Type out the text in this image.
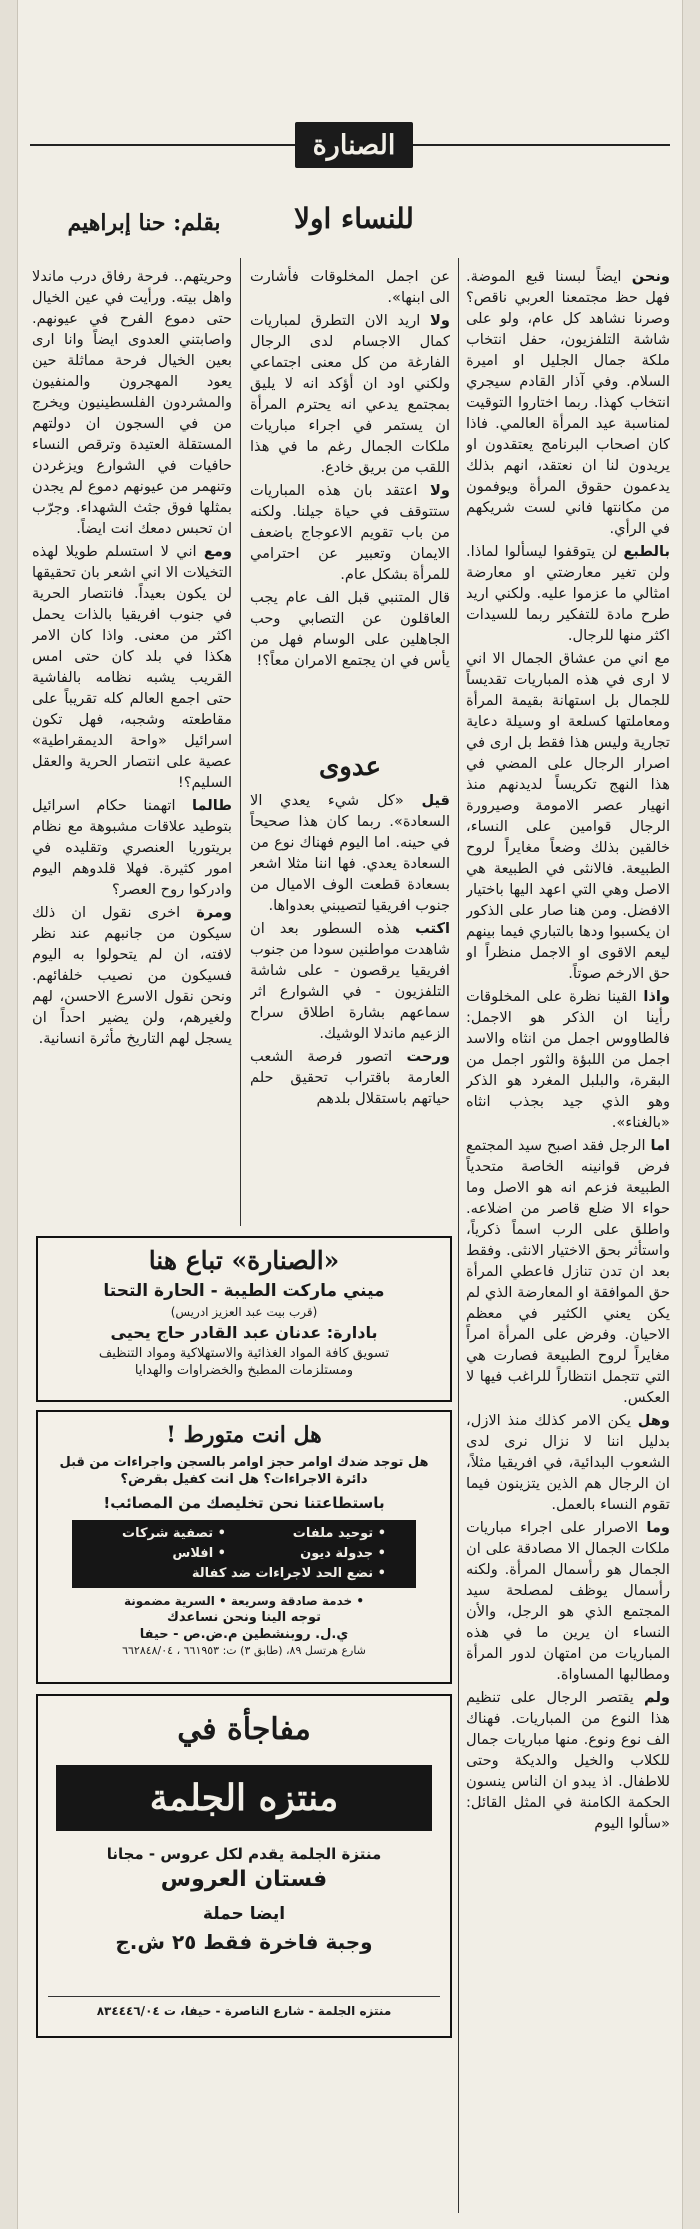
الصنارة
للنساء اولا
بقلم: حنا إبراهيم

ونحن ايضاً لبسنا قبع الموضة. فهل حظ مجتمعنا العربي ناقص؟ وصرنا نشاهد كل عام، ولو على شاشة التلفزيون، حفل انتخاب ملكة جمال الجليل او اميرة السلام. وفي آذار القادم سيجري انتخاب كهذا. ربما اختاروا التوقيت لمناسبة عيد المرأة العالمي. فاذا كان اصحاب البرنامج يعتقدون او يريدون لنا ان نعتقد، انهم بذلك يدعمون حقوق المرأة ويوفمون من مكانتها فاني لست شريكهم في الرأي.

بالطبع لن يتوقفوا ليسألوا لماذا. ولن تغير معارضتي او معارضة امثالي ما عزموا عليه. ولكني اريد طرح مادة للتفكير ربما للسيدات اكثر منها للرجال.

مع اني من عشاق الجمال الا اني لا ارى في هذه المباريات تقديساً للجمال بل استهانة بقيمة المرأة ومعاملتها كسلعة او وسيلة دعاية تجارية وليس هذا فقط بل ارى في اصرار الرجال على المضي في هذا النهج تكريساً لديدنهم منذ انهيار عصر الامومة وصيرورة الرجال قوامين على النساء، خالقين بذلك وضعاً مغايراً لروح الطبيعة. فالانثى في الطبيعة هي الاصل وهي التي اعهد اليها باختيار الافضل. ومن هنا صار على الذكور ان يكسبوا ودها بالتباري فيما بينهم ليعم الاقوى او الاجمل منظراً او حق الارخم صوتاً.

واذا القينا نظرة على المخلوقات رأينا ان الذكر هو الاجمل: فالطاووس اجمل من انثاه والاسد اجمل من اللبؤة والثور اجمل من البقرة، والبلبل المغرد هو الذكر وهو الذي جيد بجذب انثاه «بالغناء».

اما الرجل فقد اصبح سيد المجتمع فرض قوانينه الخاصة متحدياً الطبيعة فزعم انه هو الاصل وما حواء الا ضلع قاصر من اضلاعه. واطلق على الرب اسماً ذكرياً، واستأثر بحق الاختيار الانثى. وفقط بعد ان تدن تنازل فاعطي المرأة حق الموافقة او المعارضة الذي لم يكن يعني الكثير في معظم الاحيان. وفرض على المرأة امراً مغايراً لروح الطبيعة فصارت هي التي تتجمل انتظاراً للراغب فيها لا العكس.

وهل يكن الامر كذلك منذ الازل، بدليل اننا لا نزال نرى لدى الشعوب البدائية، في افريقيا مثلاً، ان الرجال هم الذين يتزينون فيما تقوم النساء بالعمل.

وما الاصرار على اجراء مباريات ملكات الجمال الا مصادقة على ان الجمال هو رأسمال المرأة. ولكنه رأسمال يوظف لمصلحة سيد المجتمع الذي هو الرجل، والأن النساء ان يرين ما في هذه المباريات من امتهان لدور المرأة ومطالبها المساواة.

ولم يقتصر الرجال على تنظيم هذا النوع من المباريات. فهناك الف نوع ونوع. منها مباريات جمال للكلاب والخيل والديكة وحتى للاطفال. اذ يبدو ان الناس ينسون الحكمة الكامنة في المثل القائل: «سألوا اليوم

عن اجمل المخلوقات فأشارت الى ابنها».

ولا اريد الان التطرق لمباريات كمال الاجسام لدى الرجال الفارغة من كل معنى اجتماعي ولكني اود ان أؤكد انه لا يليق بمجتمع يدعي انه يحترم المرأة ان يستمر في اجراء مباريات ملكات الجمال رغم ما في هذا اللقب من بريق خادع.

ولا اعتقد بان هذه المباريات ستتوقف في حياة جيلنا. ولكنه من باب تقويم الاعوجاج باضعف الايمان وتعبير عن احترامي للمرأة بشكل عام.

قال المتنبي قبل الف عام يجب العاقلون عن التصابي وحب الجاهلين على الوسام فهل من يأس في ان يجتمع الامران معاً؟!

عدوى

قيل «كل شيء يعدي الا السعادة». ربما كان هذا صحيحاً في حينه. اما اليوم فهناك نوع من السعادة يعدي. فها اننا مثلا اشعر بسعادة قطعت الوف الاميال من جنوب افريقيا لتصيبني بعدواها.

اكتب هذه السطور بعد ان شاهدت مواطنين سودا من جنوب افريقيا يرقصون - على شاشة التلفزيون - في الشوارع اثر سماعهم بشارة اطلاق سراح الزعيم ماندلا الوشيك.

ورحت اتصور فرصة الشعب العارمة باقتراب تحقيق حلم حياتهم باستقلال بلدهم

وحريتهم.. فرحة رفاق درب ماندلا واهل بيته. ورأيت في عين الخيال حتى دموع الفرح في عيونهم. واصابتني العدوى ايضاً وانا ارى بعين الخيال فرحة مماثلة حين يعود المهجرون والمنفيون والمشردون الفلسطينيون ويخرج من في السجون ان دولتهم المستقلة العتيدة وترقص النساء حافيات في الشوارع ويزغردن وتنهمر من عيونهم دموع لم يجدن بمثلها فوق جثث الشهداء. وجرّب ان تحبس دمعك انت ايضاً.

ومع اني لا استسلم طويلا لهذه التخيلات الا اني اشعر بان تحقيقها لن يكون بعيداً. فانتصار الحرية في جنوب افريقيا بالذات يحمل اكثر من معنى. واذا كان الامر هكذا في بلد كان حتى امس القريب يشبه نظامه بالفاشية حتى اجمع العالم كله تقريباً على مقاطعته وشجبه، فهل تكون اسرائيل «واحة الديمقراطية» عصية على انتصار الحرية والعقل السليم؟!

طالما اتهمنا حكام اسرائيل بتوطيد علاقات مشبوهة مع نظام بريتوريا العنصري وتقليده في امور كثيرة. فهلا قلدوهم اليوم وادركوا روح العصر؟

ومرة اخرى نقول ان ذلك سيكون من جانبهم عند نظر لافته، ان لم يتحولوا به اليوم فسيكون من نصيب خلفائهم. ونحن نقول الاسرع الاحسن، لهم ولغيرهم، ولن يضير احداً ان يسجل لهم التاريخ مأثرة انسانية.

«الصنارة» تباع هنا
ميني ماركت الطيبة - الحارة التحتا
(قرب بيت عبد العزيز ادريس)
بادارة: عدنان عبد القادر حاج يحيى
تسويق كافة المواد الغذائية والاستهلاكية ومواد التنظيف
ومستلزمات المطبخ والخضراوات والهدايا
هل انت متورط !
هل توجد ضدك اوامر حجز اوامر بالسجن واجراءات من قبل دائرة الاجراءات؟ هل انت كفيل بقرض؟
باستطاعتنا نحن تخليصك من المصائب!
• توحيد ملفات
• تصفية شركات
• جدولة ديون
• افلاس
• نضع الحد لاجراءات ضد كفالة
• خدمة صادقة وسريعة • السرية مضمونة
توجه الينا ونحن نساعدك
ي.ل. روبنشطين م.ض.ص - حيفا
شارع هرتسل ٨٩، (طابق ٣) ت: ٦٦١٩٥٣ ، ٦٦٢٨٤٨/٠٤
مفاجأة في
منتزه الجلمة
منتزة الجلمة يقدم لكل عروس - مجانا
فستان العروس
ايضا حملة
وجبة فاخرة فقط ٢٥ ش.ج
منتزه الجلمة - شارع الناصرة - حيفا، ت ٨٣٤٤٤٦/٠٤
